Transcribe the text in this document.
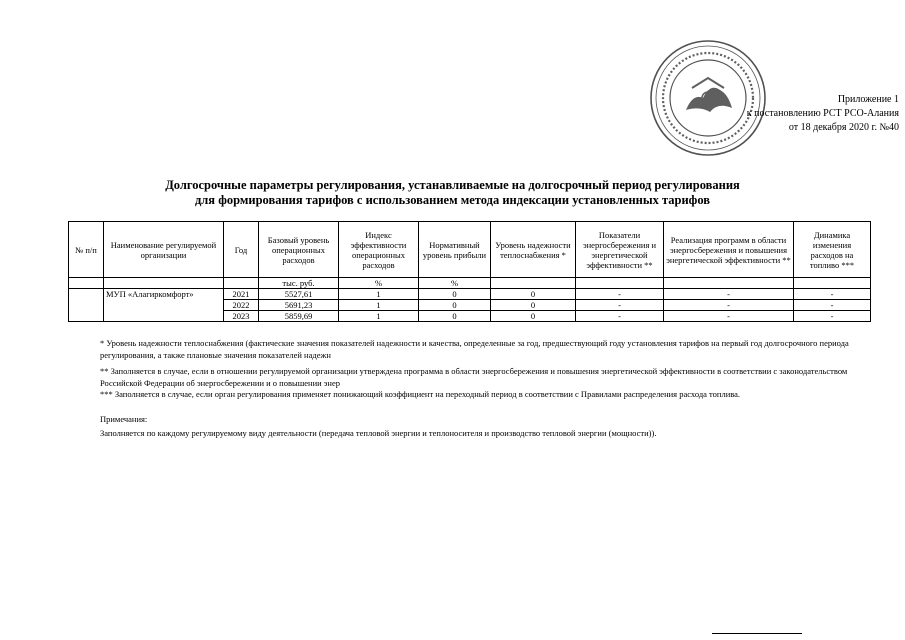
Приложение 1
к постановлению РСТ РСО-Алания
от 18 декабря 2020 г. №40
Долгосрочные параметры регулирования, устанавливаемые на долгосрочный период регулирования
для формирования тарифов с использованием метода индексации установленных тарифов
№ п/п	Наименование регулируемой организации	Год	Базовый уровень операционных расходов	Индекс эффективности операционных расходов	Нормативный уровень прибыли	Уровень надежности теплоснабжения *	Показатели энергосбережения и энергетической эффективности **	Реализация программ в области энергосбережения и повышения энергетической эффективности **	Динамика изменения расходов на топливо ***
			тыс. руб.	%	%				
	МУП «Алагиркомфорт»	2021	5527,61	1	0	0	-	-	-
		2022	5691,23	1	0	0	-	-	-
		2023	5859,69	1	0	0	-	-	-
* Уровень надежности теплоснабжения (фактические значения показателей надежности и качества, определенные за год, предшествующий году установления тарифов на первый год долгосрочного периода регулирования, а также плановые значения показателей надежн
** Заполняется в случае, если в отношении регулируемой организации утверждена программа в области энергосбережения и повышения энергетической эффективности в соответствии с законодательством Российской Федерации об энергосбережении и о повышении энер
*** Заполняется в случае, если орган регулирования применяет понижающий коэффициент на переходный период в соответствии с Правилами распределения расхода топлива.
Примечания:
Заполняется по каждому регулируемому виду деятельности (передача тепловой энергии и теплоносителя и производство тепловой энергии (мощности)).
